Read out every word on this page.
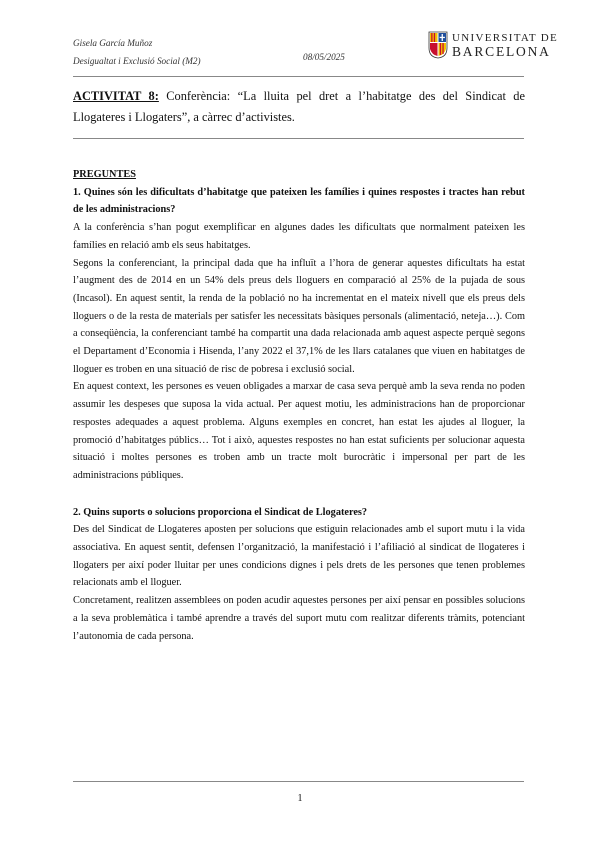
Gisela García Muñoz
Desigualtat i Exclusió Social (M2)	08/05/2025
UNIVERSITAT DE
BARCELONA
ACTIVITAT 8: Conferència: “La lluita pel dret a l’habitatge des del Sindicat de Llogateres i Llogaters”, a càrrec d’activistes.

PREGUNTES

1. Quines són les dificultats d’habitatge que pateixen les famílies i quines respostes i tractes han rebut de les administracions?

A la conferència s’han pogut exemplificar en algunes dades les dificultats que normalment pateixen les famílies en relació amb els seus habitatges.

Segons la conferenciant, la principal dada que ha influït a l’hora de generar aquestes dificultats ha estat l’augment des de 2014 en un 54% dels preus dels lloguers en comparació al 25% de la pujada de sous (Incasol). En aquest sentit, la renda de la població no ha incrementat en el mateix nivell que els preus dels lloguers o de la resta de materials per satisfer les necessitats bàsiques personals (alimentació, neteja…). Com a conseqüència, la conferenciant també ha compartit una dada relacionada amb aquest aspecte perquè segons el Departament d’Economia i Hisenda, l’any 2022 el 37,1% de les llars catalanes que viuen en habitatges de lloguer es troben en una situació de risc de pobresa i exclusió social.

En aquest context, les persones es veuen obligades a marxar de casa seva perquè amb la seva renda no poden assumir les despeses que suposa la vida actual. Per aquest motiu, les administracions han de proporcionar respostes adequades a aquest problema. Alguns exemples en concret, han estat les ajudes al lloguer, la promoció d’habitatges públics… Tot i això, aquestes respostes no han estat suficients per solucionar aquesta situació i moltes persones es troben amb un tracte molt burocràtic i impersonal per part de les administracions públiques.

2. Quins suports o solucions proporciona el Sindicat de Llogateres?

Des del Sindicat de Llogateres aposten per solucions que estiguin relacionades amb el suport mutu i la vida associativa. En aquest sentit, defensen l’organització, la manifestació i l’afiliació al sindicat de llogateres i llogaters per així poder lluitar per unes condicions dignes i pels drets de les persones que tenen problemes relacionats amb el lloguer.

Concretament, realitzen assemblees on poden acudir aquestes persones per així pensar en possibles solucions a la seva problemàtica i també aprendre a través del suport mutu com realitzar diferents tràmits, potenciant l’autonomia de cada persona.

1
